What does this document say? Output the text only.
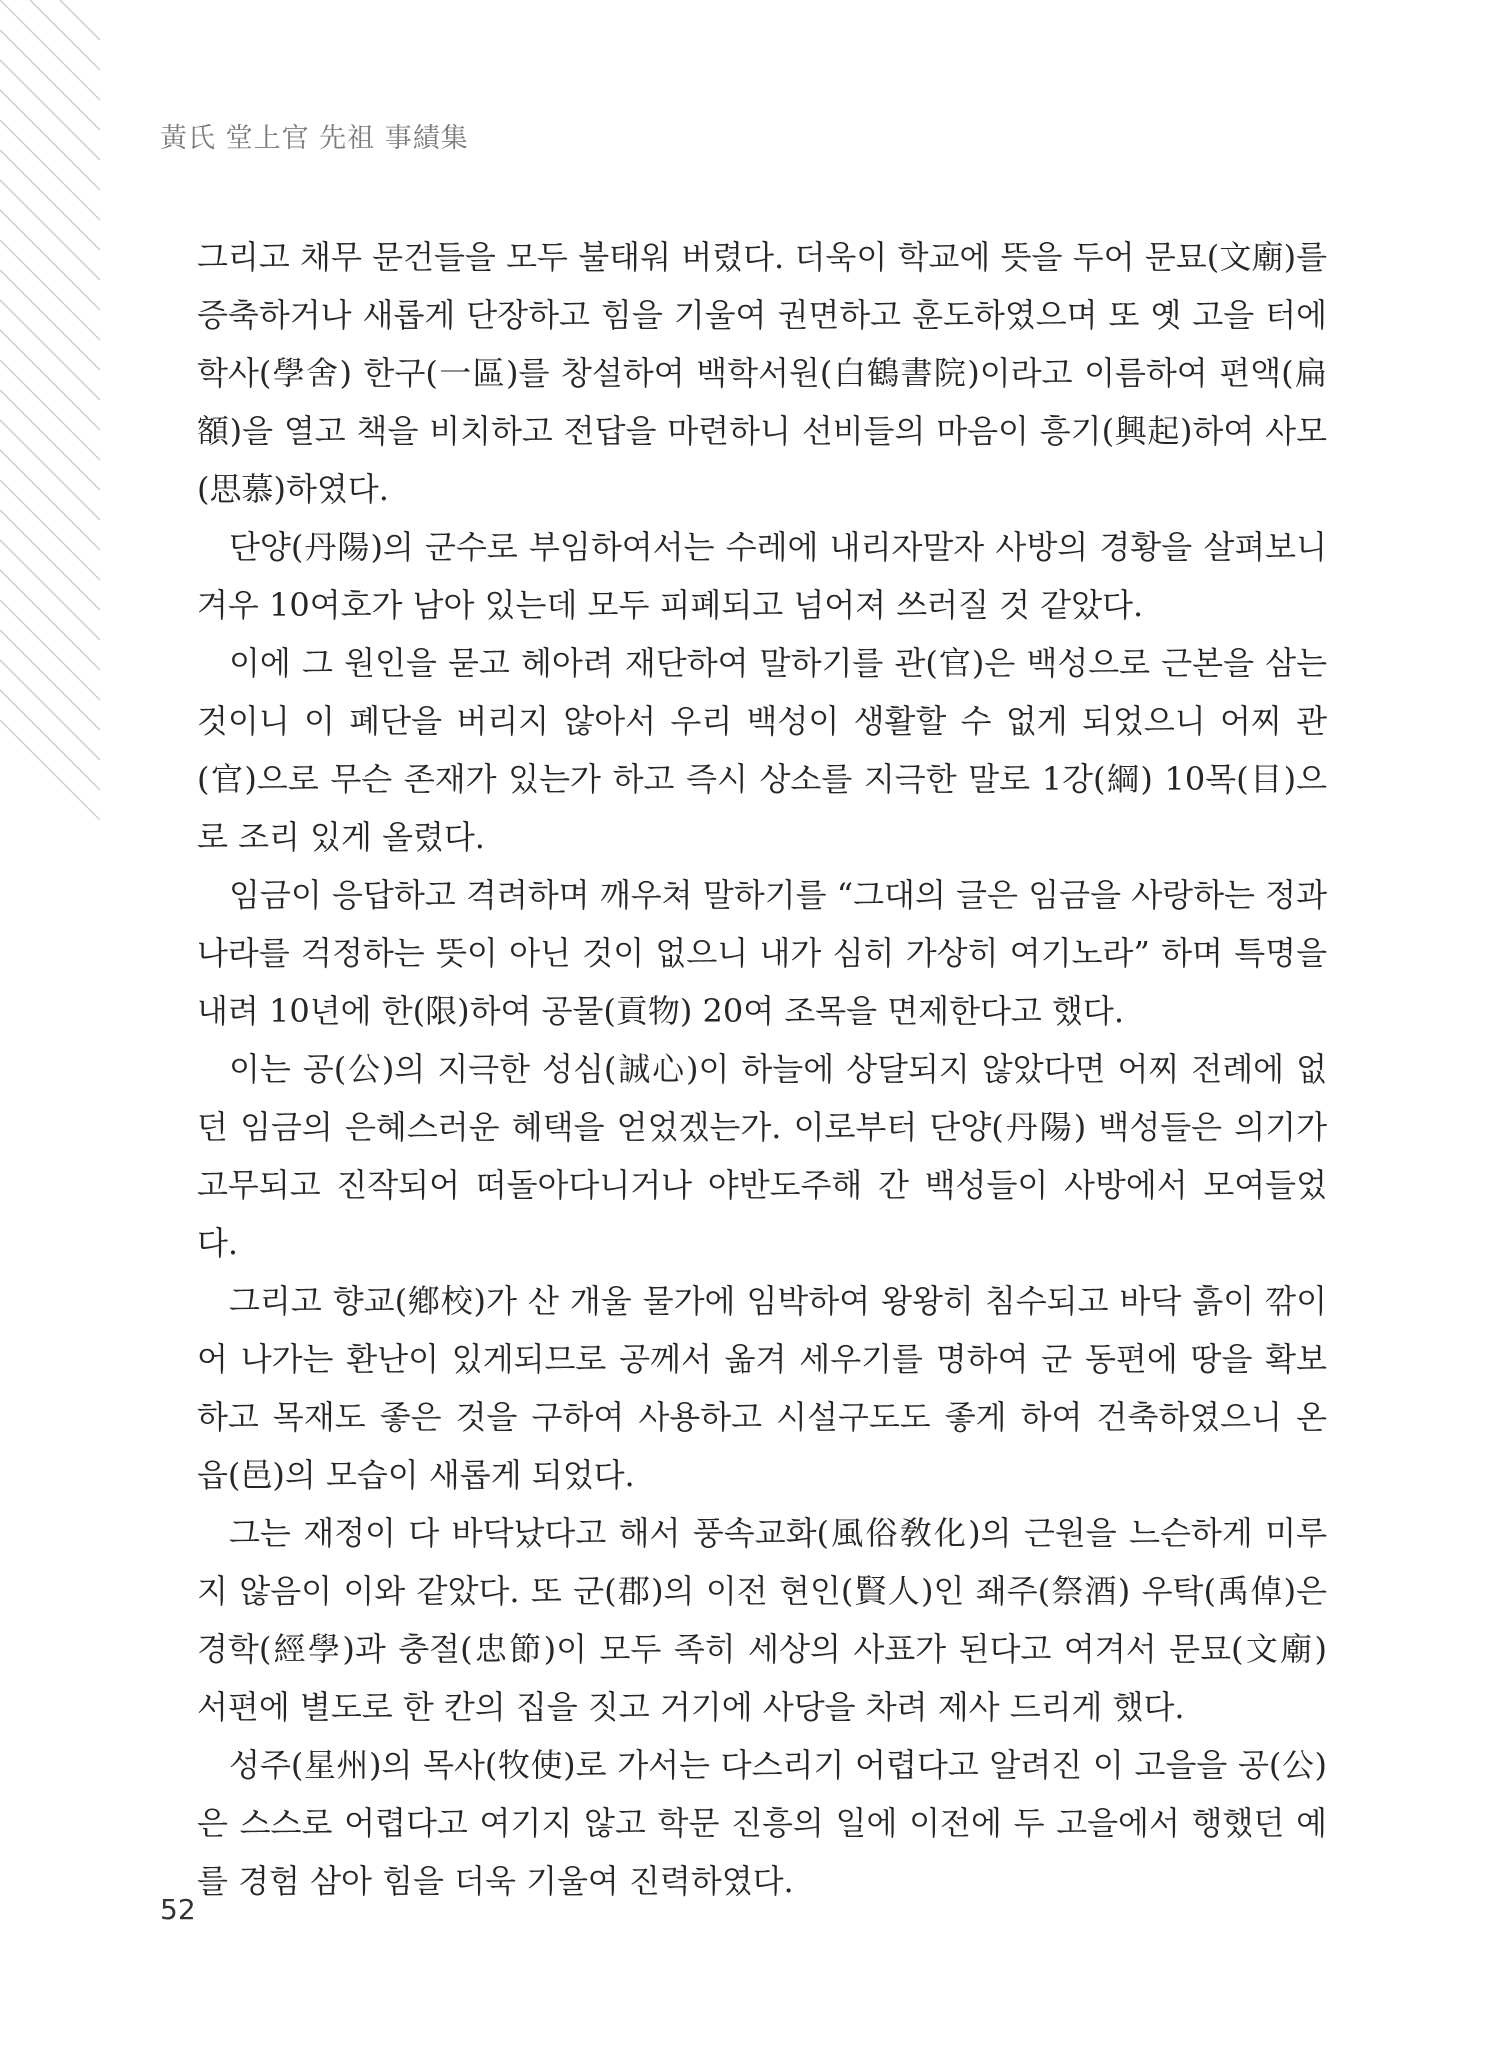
黃氏 堂上官 先祖 事績集

그리고 채무 문건들을 모두 불태워 버렸다. 더욱이 학교에 뜻을 두어 문묘(文廟)를 증축하거나 새롭게 단장하고 힘을 기울여 권면하고 훈도하였으며 또 옛 고을 터에 학사(學舍) 한구(一區)를 창설하여 백학서원(白鶴書院)이라고 이름하여 편액(扁額)을 열고 책을 비치하고 전답을 마련하니 선비들의 마음이 흥기(興起)하여 사모(思慕)하였다.

단양(丹陽)의 군수로 부임하여서는 수레에 내리자말자 사방의 경황을 살펴보니 겨우 10여호가 남아 있는데 모두 피폐되고 넘어져 쓰러질 것 같았다.

이에 그 원인을 묻고 헤아려 재단하여 말하기를 관(官)은 백성으로 근본을 삼는 것이니 이 폐단을 버리지 않아서 우리 백성이 생활할 수 없게 되었으니 어찌 관(官)으로 무슨 존재가 있는가 하고 즉시 상소를 지극한 말로 1강(綱) 10목(目)으로 조리 있게 올렸다.

임금이 응답하고 격려하며 깨우쳐 말하기를 “그대의 글은 임금을 사랑하는 정과 나라를 걱정하는 뜻이 아닌 것이 없으니 내가 심히 가상히 여기노라” 하며 특명을 내려 10년에 한(限)하여 공물(貢物) 20여 조목을 면제한다고 했다.

이는 공(公)의 지극한 성심(誠心)이 하늘에 상달되지 않았다면 어찌 전례에 없던 임금의 은혜스러운 혜택을 얻었겠는가. 이로부터 단양(丹陽) 백성들은 의기가 고무되고 진작되어 떠돌아다니거나 야반도주해 간 백성들이 사방에서 모여들었다.

그리고 향교(鄕校)가 산 개울 물가에 임박하여 왕왕히 침수되고 바닥 흙이 깎이어 나가는 환난이 있게되므로 공께서 옮겨 세우기를 명하여 군 동편에 땅을 확보하고 목재도 좋은 것을 구하여 사용하고 시설구도도 좋게 하여 건축하였으니 온 읍(邑)의 모습이 새롭게 되었다.

그는 재정이 다 바닥났다고 해서 풍속교화(風俗敎化)의 근원을 느슨하게 미루지 않음이 이와 같았다. 또 군(郡)의 이전 현인(賢人)인 좨주(祭酒) 우탁(禹倬)은 경학(經學)과 충절(忠節)이 모두 족히 세상의 사표가 된다고 여겨서 문묘(文廟) 서편에 별도로 한 칸의 집을 짓고 거기에 사당을 차려 제사 드리게 했다.

성주(星州)의 목사(牧使)로 가서는 다스리기 어렵다고 알려진 이 고을을 공(公)은 스스로 어렵다고 여기지 않고 학문 진흥의 일에 이전에 두 고을에서 행했던 예를 경험 삼아 힘을 더욱 기울여 진력하였다.

52
